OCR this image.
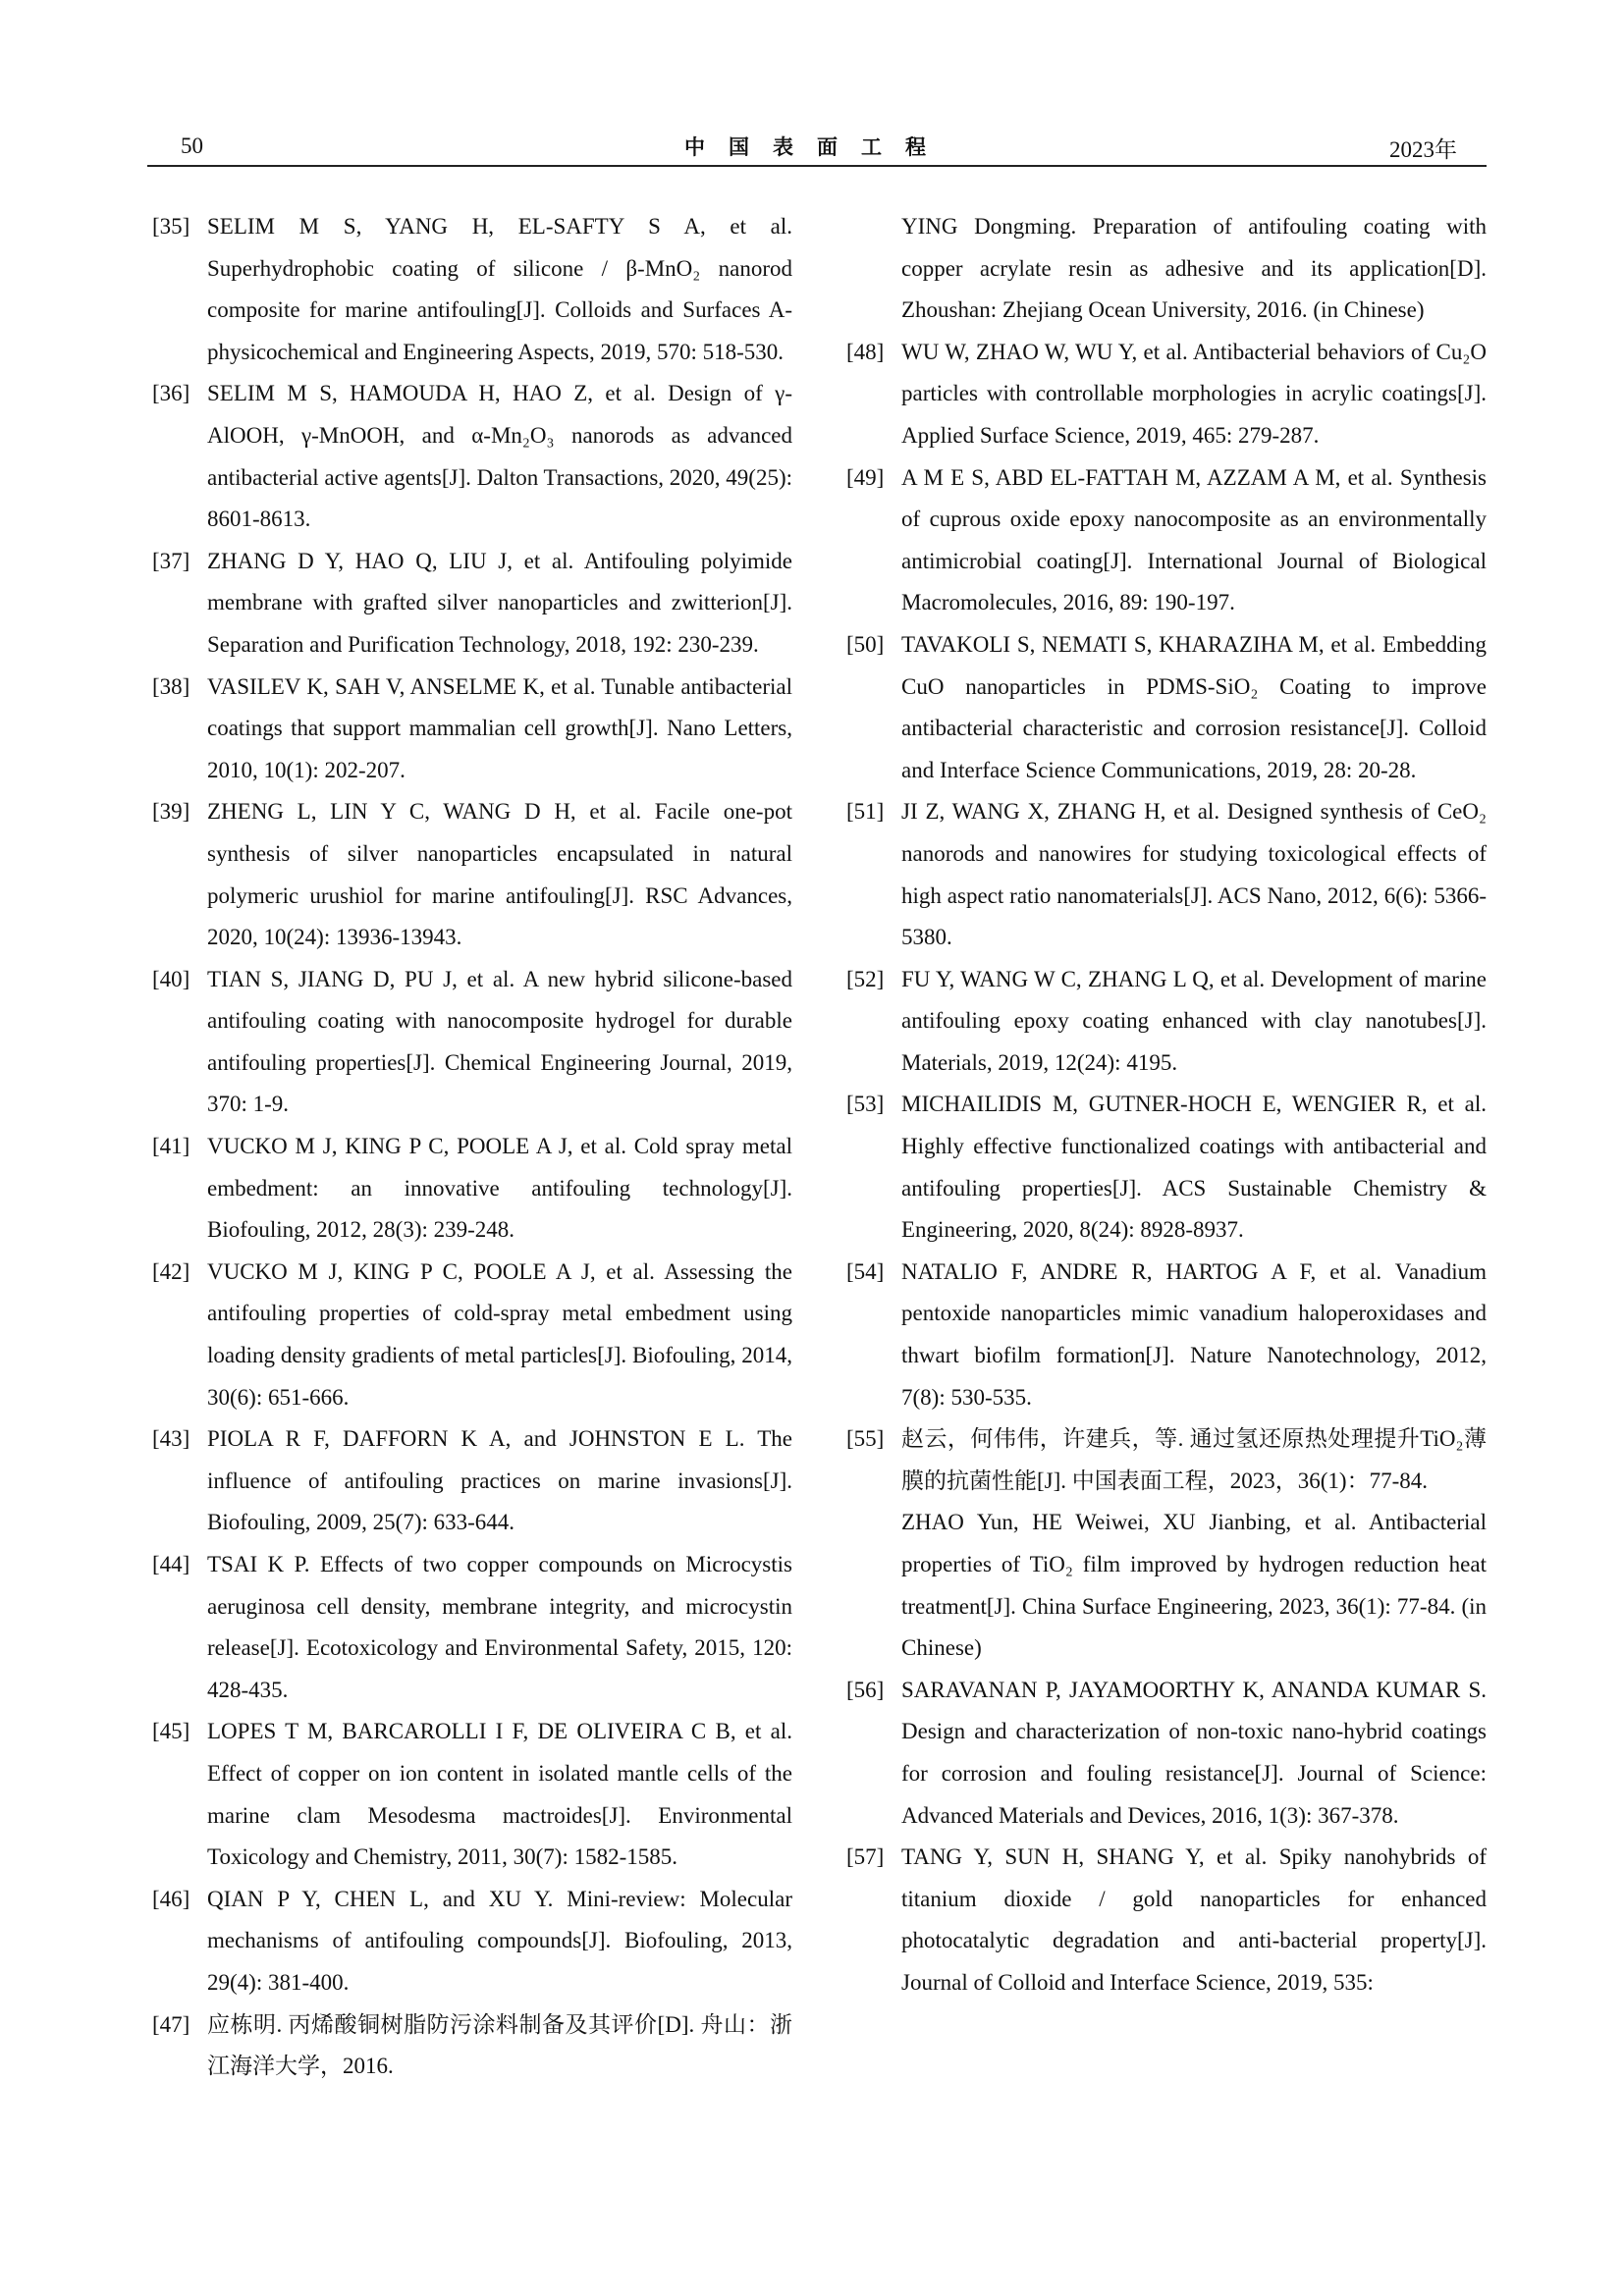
50	中国表面工程	2023年
[35] SELIM M S, YANG H, EL-SAFTY S A, et al. Superhydrophobic coating of silicone / β-MnO₂ nanorod composite for marine antifouling[J]. Colloids and Surfaces A-physicochemical and Engineering Aspects, 2019, 570: 518-530.
[36] SELIM M S, HAMOUDA H, HAO Z, et al. Design of γ-AlOOH, γ-MnOOH, and α-Mn₂O₃ nanorods as advanced antibacterial active agents[J]. Dalton Transactions, 2020, 49(25): 8601-8613.
[37] ZHANG D Y, HAO Q, LIU J, et al. Antifouling polyimide membrane with grafted silver nanoparticles and zwitterion[J]. Separation and Purification Technology, 2018, 192: 230-239.
[38] VASILEV K, SAH V, ANSELME K, et al. Tunable antibacterial coatings that support mammalian cell growth[J]. Nano Letters, 2010, 10(1): 202-207.
[39] ZHENG L, LIN Y C, WANG D H, et al. Facile one-pot synthesis of silver nanoparticles encapsulated in natural polymeric urushiol for marine antifouling[J]. RSC Advances, 2020, 10(24): 13936-13943.
[40] TIAN S, JIANG D, PU J, et al. A new hybrid silicone-based antifouling coating with nanocomposite hydrogel for durable antifouling properties[J]. Chemical Engineering Journal, 2019, 370: 1-9.
[41] VUCKO M J, KING P C, POOLE A J, et al. Cold spray metal embedment: an innovative antifouling technology[J]. Biofouling, 2012, 28(3): 239-248.
[42] VUCKO M J, KING P C, POOLE A J, et al. Assessing the antifouling properties of cold-spray metal embedment using loading density gradients of metal particles[J]. Biofouling, 2014, 30(6): 651-666.
[43] PIOLA R F, DAFFORN K A, and JOHNSTON E L. The influence of antifouling practices on marine invasions[J]. Biofouling, 2009, 25(7): 633-644.
[44] TSAI K P. Effects of two copper compounds on Microcystis aeruginosa cell density, membrane integrity, and microcystin release[J]. Ecotoxicology and Environmental Safety, 2015, 120: 428-435.
[45] LOPES T M, BARCAROLLI I F, DE OLIVEIRA C B, et al. Effect of copper on ion content in isolated mantle cells of the marine clam Mesodesma mactroides[J]. Environmental Toxicology and Chemistry, 2011, 30(7): 1582-1585.
[46] QIAN P Y, CHEN L, and XU Y. Mini-review: Molecular mechanisms of antifouling compounds[J]. Biofouling, 2013, 29(4): 381-400.
[47] 应栋明. 丙烯酸铜树脂防污涂料制备及其评价[D]. 舟山：浙江海洋大学，2016.
YING Dongming. Preparation of antifouling coating with copper acrylate resin as adhesive and its application[D]. Zhoushan: Zhejiang Ocean University, 2016. (in Chinese)
[48] WU W, ZHAO W, WU Y, et al. Antibacterial behaviors of Cu₂O particles with controllable morphologies in acrylic coatings[J]. Applied Surface Science, 2019, 465: 279-287.
[49] A M E S, ABD EL-FATTAH M, AZZAM A M, et al. Synthesis of cuprous oxide epoxy nanocomposite as an environmentally antimicrobial coating[J]. International Journal of Biological Macromolecules, 2016, 89: 190-197.
[50] TAVAKOLI S, NEMATI S, KHARAZIHA M, et al. Embedding CuO nanoparticles in PDMS-SiO₂ Coating to improve antibacterial characteristic and corrosion resistance[J]. Colloid and Interface Science Communications, 2019, 28: 20-28.
[51] JI Z, WANG X, ZHANG H, et al. Designed synthesis of CeO₂ nanorods and nanowires for studying toxicological effects of high aspect ratio nanomaterials[J]. ACS Nano, 2012, 6(6): 5366-5380.
[52] FU Y, WANG W C, ZHANG L Q, et al. Development of marine antifouling epoxy coating enhanced with clay nanotubes[J]. Materials, 2019, 12(24): 4195.
[53] MICHAILIDIS M, GUTNER-HOCH E, WENGIER R, et al. Highly effective functionalized coatings with antibacterial and antifouling properties[J]. ACS Sustainable Chemistry & Engineering, 2020, 8(24): 8928-8937.
[54] NATALIO F, ANDRE R, HARTOG A F, et al. Vanadium pentoxide nanoparticles mimic vanadium haloperoxidases and thwart biofilm formation[J]. Nature Nanotechnology, 2012, 7(8): 530-535.
[55] 赵云，何伟伟，许建兵，等. 通过氢还原热处理提升TiO₂薄膜的抗菌性能[J]. 中国表面工程，2023，36(1)：77-84.
ZHAO Yun, HE Weiwei, XU Jianbing, et al. Antibacterial properties of TiO₂ film improved by hydrogen reduction heat treatment[J]. China Surface Engineering, 2023, 36(1): 77-84. (in Chinese)
[56] SARAVANAN P, JAYAMOORTHY K, ANANDA KUMAR S. Design and characterization of non-toxic nano-hybrid coatings for corrosion and fouling resistance[J]. Journal of Science: Advanced Materials and Devices, 2016, 1(3): 367-378.
[57] TANG Y, SUN H, SHANG Y, et al. Spiky nanohybrids of titanium dioxide / gold nanoparticles for enhanced photocatalytic degradation and anti-bacterial property[J]. Journal of Colloid and Interface Science, 2019, 535:
